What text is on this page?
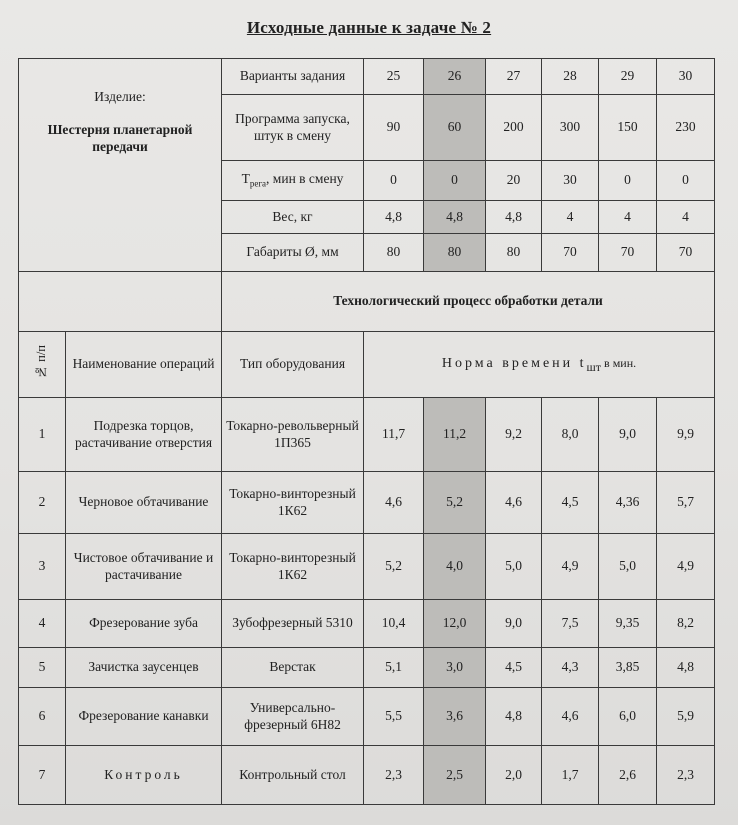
Исходные данные к задаче № 2
Изделие:
Шестерня планетарной передачи		Варианты задания	25	26	27	28	29	30
		Программа запуска, штук в смену	90	60	200	300	150	230
		$Т_{рега}$, мин в смену	0	0	20	30	0	0
		Вес, кг	4,8	4,8	4,8	4	4	4
		Габариты Ø, мм	80	80	80	70	70	70
		Технологический процесс обработки детали						
№ п/п	Наименование операций	Тип оборудования	Норма времени $t_{шт}$ в мин.					
1	Подрезка торцов, растачивание отверстия	Токарно-револьверный 1П365	11,7	11,2	9,2	8,0	9,0	9,9
2	Черновое обтачивание	Токарно-винторезный 1К62	4,6	5,2	4,6	4,5	4,36	5,7
3	Чистовое обтачивание и растачивание	Токарно-винторезный 1К62	5,2	4,0	5,0	4,9	5,0	4,9
4	Фрезерование зуба	Зубофрезерный 5310	10,4	12,0	9,0	7,5	9,35	8,2
5	Зачистка заусенцев	Верстак	5,1	3,0	4,5	4,3	3,85	4,8
6	Фрезерование канавки	Универсально-фрезерный 6Н82	5,5	3,6	4,8	4,6	6,0	5,9
7	Контроль	Контрольный стол	2,3	2,5	2,0	1,7	2,6	2,3
